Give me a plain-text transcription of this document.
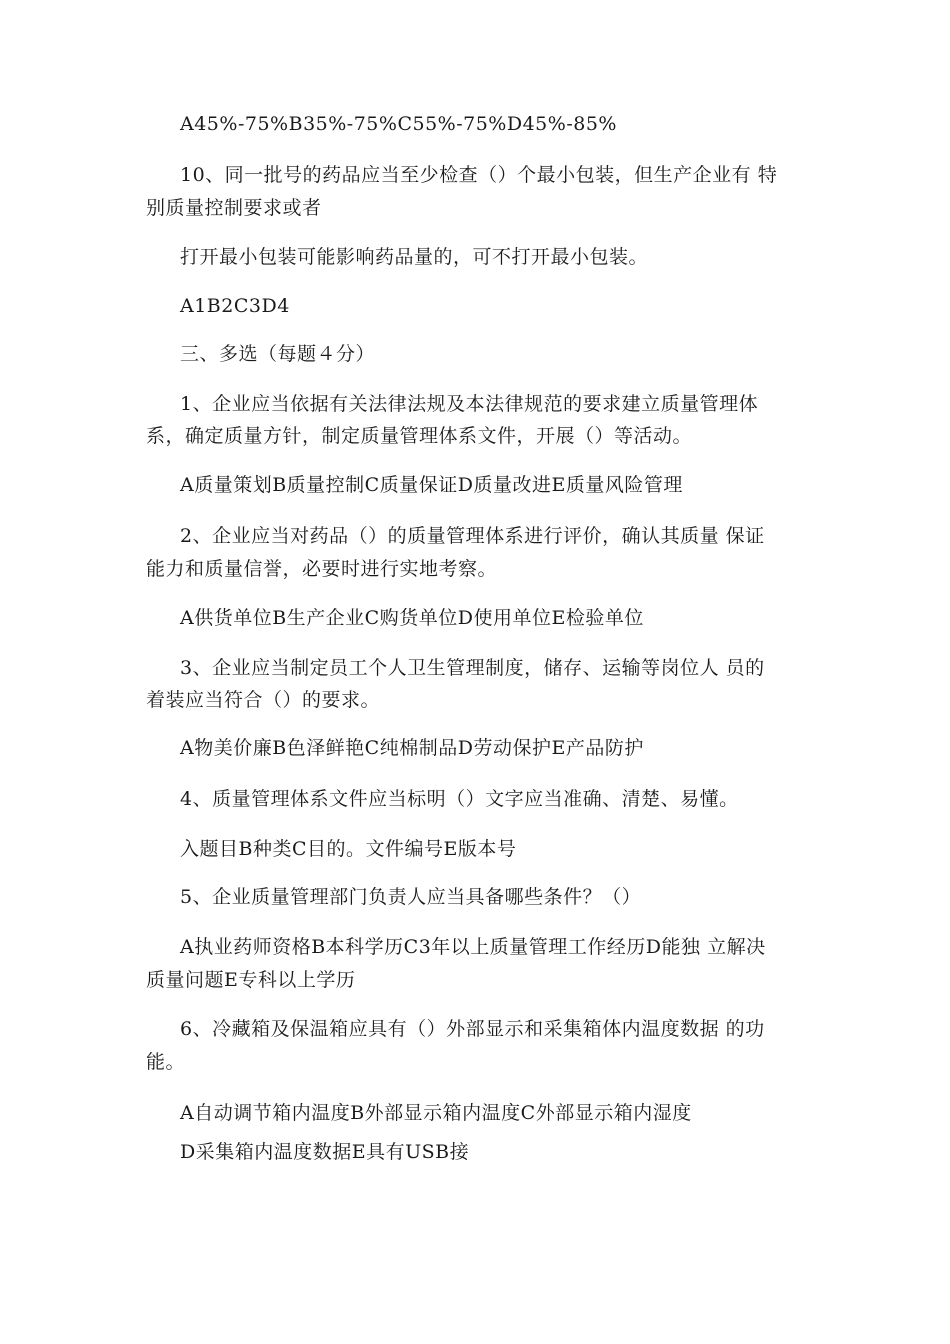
A45%-75%B35%-75%C55%-75%D45%-85%
10、同一批号的药品应当至少检查（）个最小包装，但生产企业有 特
别质量控制要求或者
打开最小包装可能影响药品量的，可不打开最小包装。
A1B2C3D4
三、多选（每题４分）
1、企业应当依据有关法律法规及本法律规范的要求建立质量管理体
系，确定质量方针，制定质量管理体系文件，开展（）等活动。
A质量策划B质量控制C质量保证D质量改进E质量风险管理
2、企业应当对药品（）的质量管理体系进行评价，确认其质量 保证
能力和质量信誉，必要时进行实地考察。
A供货单位B生产企业C购货单位D使用单位E检验单位
3、企业应当制定员工个人卫生管理制度，储存、运输等岗位人 员的
着装应当符合（）的要求。
A物美价廉B色泽鲜艳C纯棉制品D劳动保护E产品防护
4、质量管理体系文件应当标明（）文字应当准确、清楚、易懂。
入题目B种类C目的。文件编号E版本号
5、企业质量管理部门负责人应当具备哪些条件？（）
A执业药师资格B本科学历C3年以上质量管理工作经历D能独 立解决
质量问题E专科以上学历
6、冷藏箱及保温箱应具有（）外部显示和采集箱体内温度数据 的功
能。
A自动调节箱内温度B外部显示箱内温度C外部显示箱内湿度
D采集箱内温度数据E具有USB接
